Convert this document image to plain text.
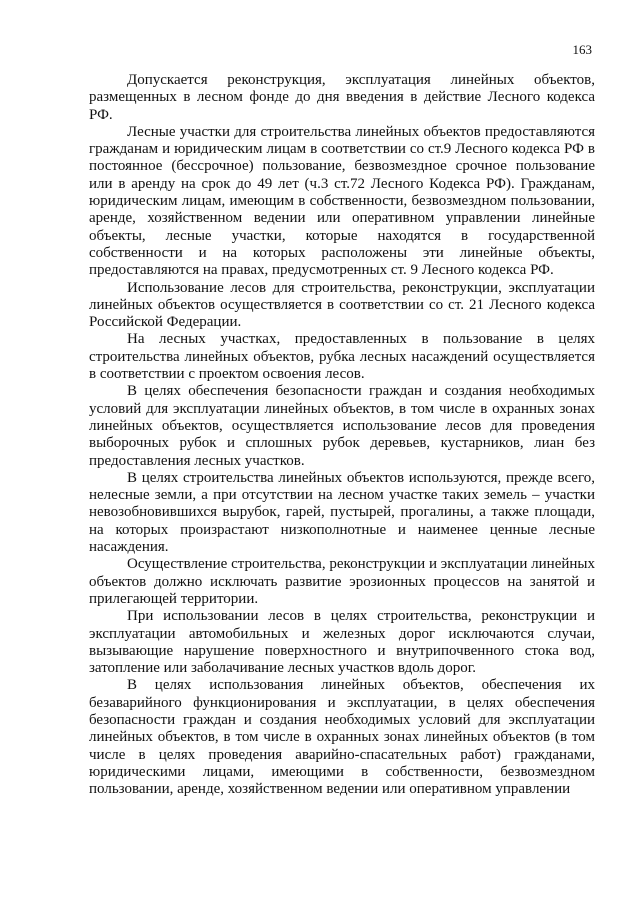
163

Допускается реконструкция, эксплуатация линейных объектов, размещенных в лесном фонде до дня введения в действие Лесного кодекса РФ.

Лесные участки для строительства линейных объектов предоставляются гражданам и юридическим лицам в соответствии со ст.9 Лесного кодекса РФ в постоянное (бессрочное) пользование, безвозмездное срочное пользование или в аренду на срок до 49 лет (ч.3 ст.72 Лесного Кодекса РФ). Гражданам, юридическим лицам, имеющим в собственности, безвозмездном пользовании, аренде, хозяйственном ведении или оперативном управлении линейные объекты, лесные участки, которые находятся в государственной собственности и на которых расположены эти линейные объекты, предоставляются на правах, предусмотренных ст. 9 Лесного кодекса РФ.

Использование лесов для строительства, реконструкции, эксплуатации линейных объектов осуществляется в соответствии со ст. 21 Лесного кодекса Российской Федерации.

На лесных участках, предоставленных в пользование в целях строительства линейных объектов, рубка лесных насаждений осуществляется в соответствии с проектом освоения лесов.

В целях обеспечения безопасности граждан и создания необходимых условий для эксплуатации линейных объектов, в том числе в охранных зонах линейных объектов, осуществляется использование лесов для проведения выборочных рубок и сплошных рубок деревьев, кустарников, лиан без предоставления лесных участков.

В целях строительства линейных объектов используются, прежде всего, нелесные земли, а при отсутствии на лесном участке таких земель – участки невозобновившихся вырубок, гарей, пустырей, прогалины, а также площади, на которых произрастают низкополнотные и наименее ценные лесные насаждения.

Осуществление строительства, реконструкции и эксплуатации линейных объектов должно исключать развитие эрозионных процессов на занятой и прилегающей территории.

При использовании лесов в целях строительства, реконструкции и эксплуатации автомобильных и железных дорог исключаются случаи, вызывающие нарушение поверхностного и внутрипочвенного стока вод, затопление или заболачивание лесных участков вдоль дорог.

В целях использования линейных объектов, обеспечения их безаварийного функционирования и эксплуатации, в целях обеспечения безопасности граждан и создания необходимых условий для эксплуатации линейных объектов, в том числе в охранных зонах линейных объектов (в том числе в целях проведения аварийно-спасательных работ) гражданами, юридическими лицами, имеющими в собственности, безвозмездном пользовании, аренде, хозяйственном ведении или оперативном управлении
